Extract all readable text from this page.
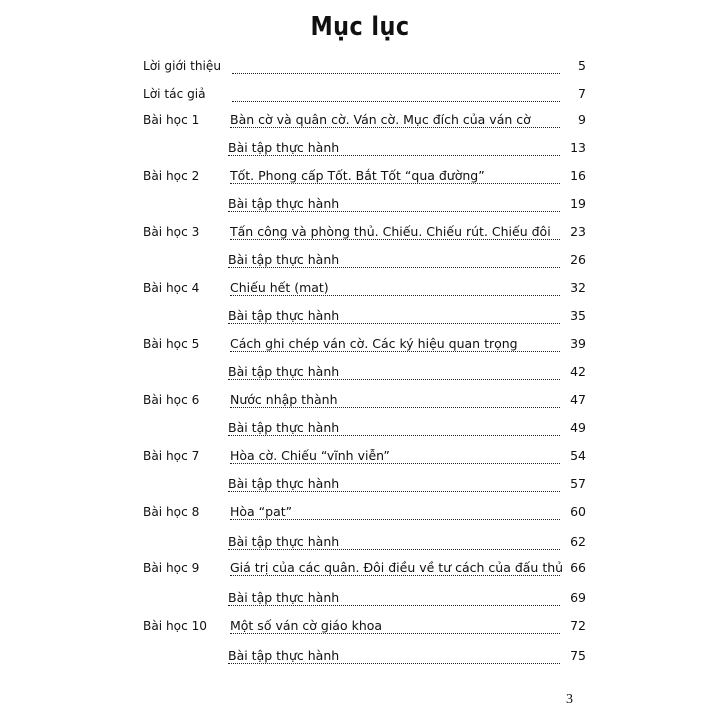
Mục lục
Lời giới thiệu	5
Lời tác giả	7
Bài học 1 Bàn cờ và quân cờ. Ván cờ. Mục đích của ván cờ	9
Bài tập thực hành	13
Bài học 2 Tốt. Phong cấp Tốt. Bắt Tốt “qua đường”	16
Bài tập thực hành	19
Bài học 3 Tấn công và phòng thủ. Chiếu. Chiếu rút. Chiếu đôi	23
Bài tập thực hành	26
Bài học 4 Chiếu hết (mat)	32
Bài tập thực hành	35
Bài học 5 Cách ghi chép ván cờ. Các ký hiệu quan trọng	39
Bài tập thực hành	42
Bài học 6 Nước nhập thành	47
Bài tập thực hành	49
Bài học 7 Hòa cờ. Chiếu “vĩnh viễn”	54
Bài tập thực hành	57
Bài học 8 Hòa “pat”	60
Bài tập thực hành	62
Bài học 9 Giá trị của các quân. Đôi điều về tư cách của đấu thủ 66
Bài tập thực hành	69
Bài học 10 Một số ván cờ giáo khoa	72
Bài tập thực hành	75
3
